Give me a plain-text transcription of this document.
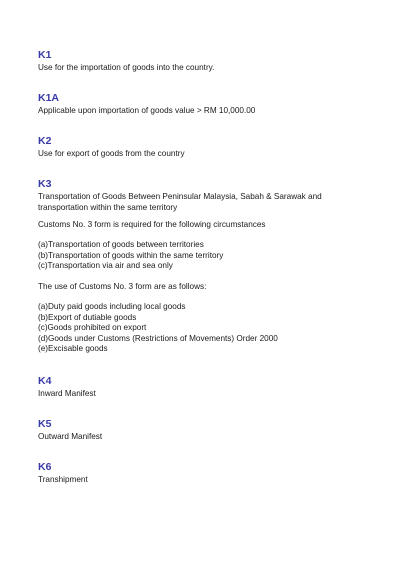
K1

Use for the importation of goods into the country.

K1A

Applicable upon importation of goods value > RM 10,000.00

K2

Use for export of goods from the country

K3

Transportation of Goods Between Peninsular Malaysia, Sabah & Sarawak and transportation within the same territory

Customs No. 3 form is required for the following circumstances

(a)Transportation of goods between territories
(b)Transportation of goods within the same territory
(c)Transportation via air and sea only

The use of Customs No. 3 form are as follows:

(a)Duty paid goods including local goods
(b)Export of dutiable goods
(c)Goods prohibited on export
(d)Goods under Customs (Restrictions of Movements) Order 2000
(e)Excisable goods

K4

Inward Manifest

K5

Outward Manifest

K6

Transhipment
